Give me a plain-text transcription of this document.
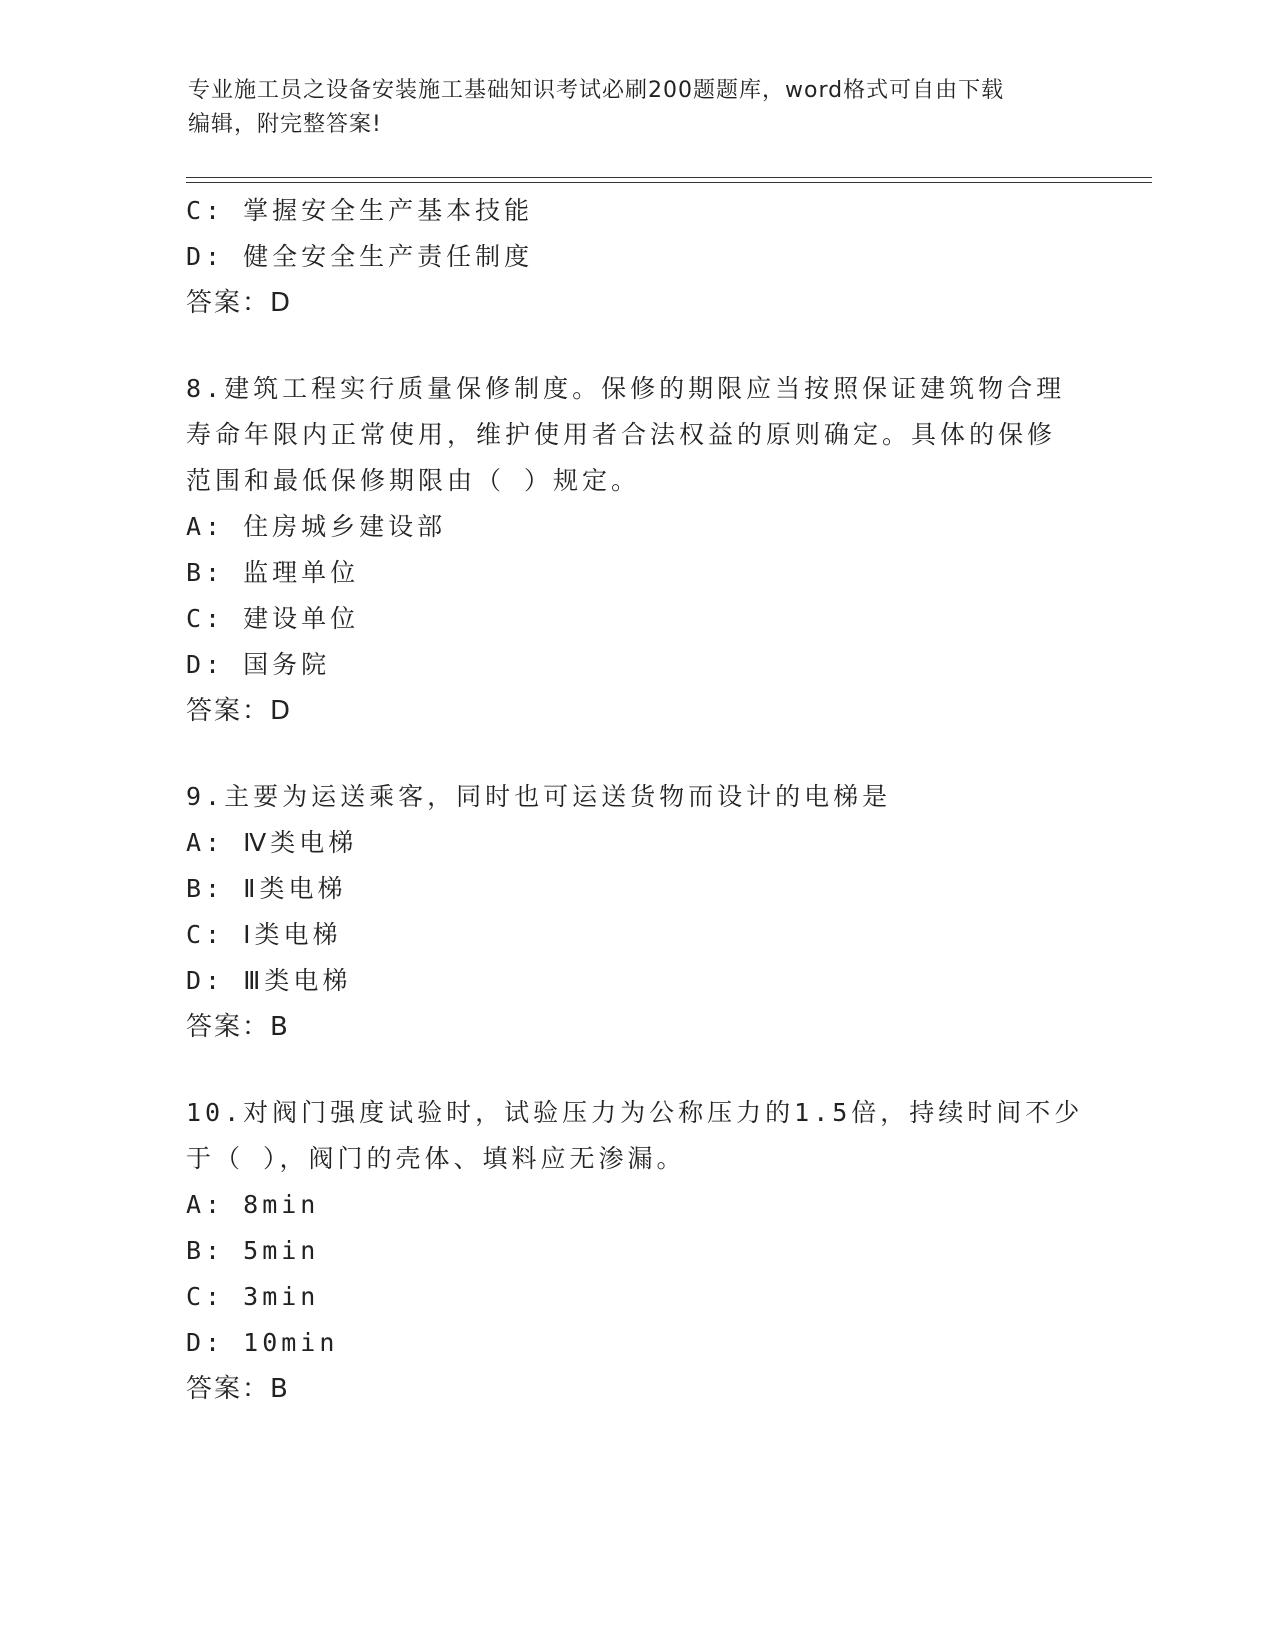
专业施工员之设备安装施工基础知识考试必刷200题题库，word格式可自由下载
编辑，附完整答案!
C: 掌握安全生产基本技能
D: 健全安全生产责任制度
答案：D
8.建筑工程实行质量保修制度。保修的期限应当按照保证建筑物合理
寿命年限内正常使用，维护使用者合法权益的原则确定。具体的保修
范围和最低保修期限由（ ）规定。
A: 住房城乡建设部
B: 监理单位
C: 建设单位
D: 国务院
答案：D
9.主要为运送乘客，同时也可运送货物而设计的电梯是
A: Ⅳ类电梯
B: Ⅱ类电梯
C: Ⅰ类电梯
D: Ⅲ类电梯
答案：B
10.对阀门强度试验时，试验压力为公称压力的1.5倍，持续时间不少
于（ ），阀门的壳体、填料应无渗漏。
A: 8min
B: 5min
C: 3min
D: 10min
答案：B
